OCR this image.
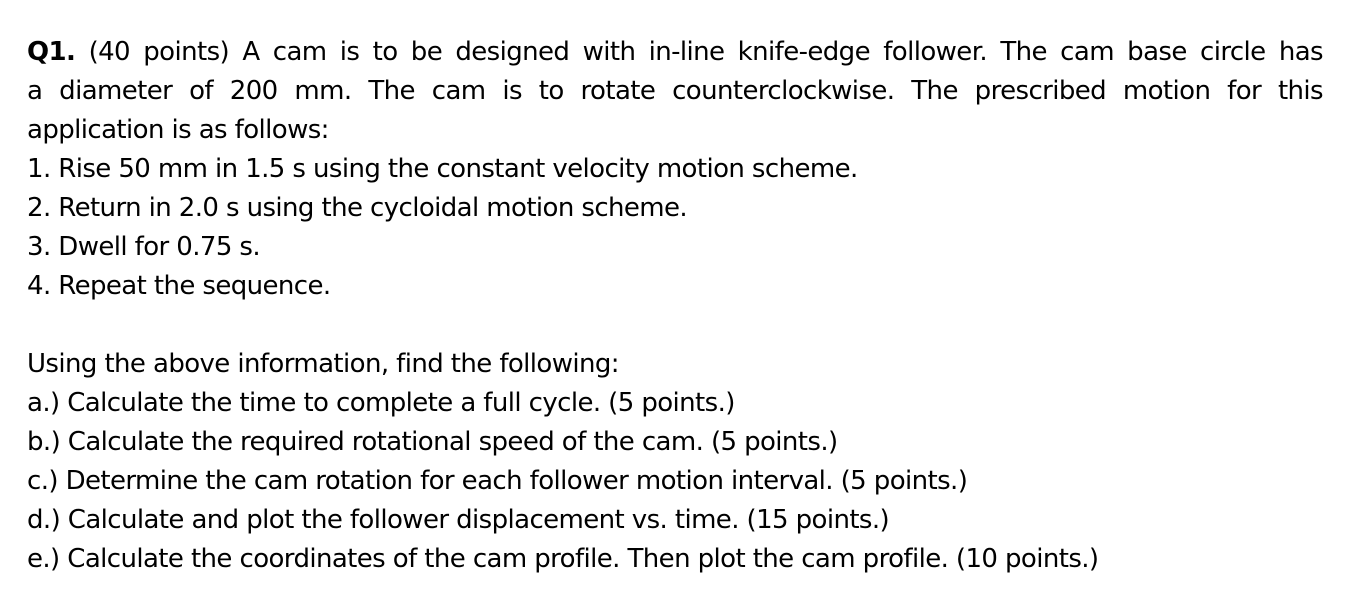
Q1. (40 points) A cam is to be designed with in-line knife-edge follower. The cam base circle has
a diameter of 200 mm. The cam is to rotate counterclockwise. The prescribed motion for this
application is as follows:
1. Rise 50 mm in 1.5 s using the constant velocity motion scheme.
2. Return in 2.0 s using the cycloidal motion scheme.
3. Dwell for 0.75 s.
4. Repeat the sequence.
Using the above information, find the following:
a.) Calculate the time to complete a full cycle. (5 points.)
b.) Calculate the required rotational speed of the cam. (5 points.)
c.) Determine the cam rotation for each follower motion interval. (5 points.)
d.) Calculate and plot the follower displacement vs. time. (15 points.)
e.) Calculate the coordinates of the cam profile. Then plot the cam profile. (10 points.)
